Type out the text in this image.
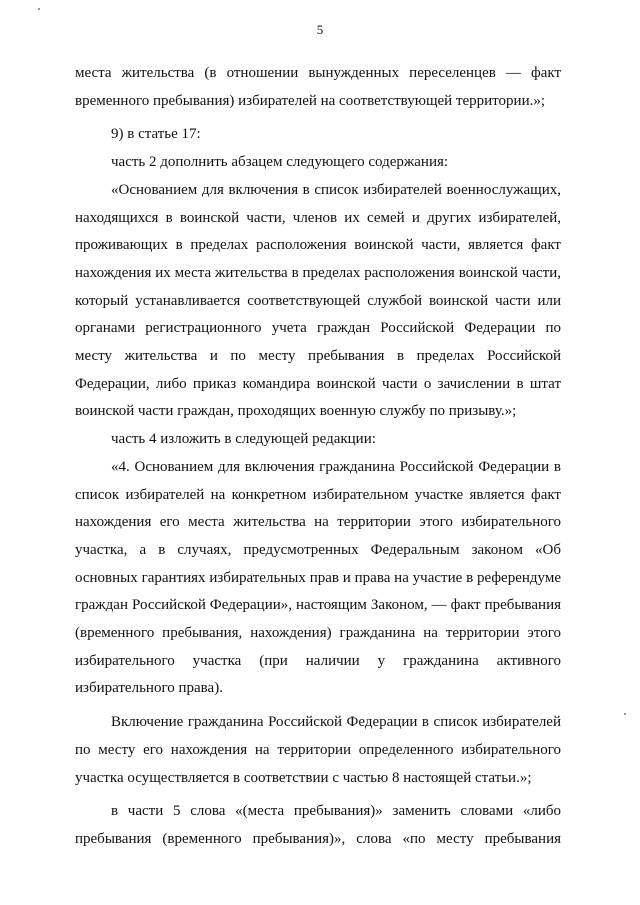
5

места жительства (в отношении вынужденных переселенцев — факт временного пребывания) избирателей на соответствующей территории.»;

9) в статье 17:

часть 2 дополнить абзацем следующего содержания:

«Основанием для включения в список избирателей военнослужащих, находящихся в воинской части, членов их семей и других избирателей, проживающих в пределах расположения воинской части, является факт нахождения их места жительства в пределах расположения воинской части, который устанавливается соответствующей службой воинской части или органами регистрационного учета граждан Российской Федерации по месту жительства и по месту пребывания в пределах Российской Федерации, либо приказ командира воинской части о зачислении в штат воинской части граждан, проходящих военную службу по призыву.»;

часть 4 изложить в следующей редакции:

«4. Основанием для включения гражданина Российской Федерации в список избирателей на конкретном избирательном участке является факт нахождения его места жительства на территории этого избирательного участка, а в случаях, предусмотренных Федеральным законом «Об основных гарантиях избирательных прав и права на участие в референдуме граждан Российской Федерации», настоящим Законом, — факт пребывания (временного пребывания, нахождения) гражданина на территории этого избирательного участка (при наличии у гражданина активного избирательного права).

Включение гражданина Российской Федерации в список избирателей по месту его нахождения на территории определенного избирательного участка осуществляется в соответствии с частью 8 настоящей статьи.»;

в части 5 слова «(места пребывания)» заменить словами «либо пребывания (временного пребывания)», слова «по месту пребывания
